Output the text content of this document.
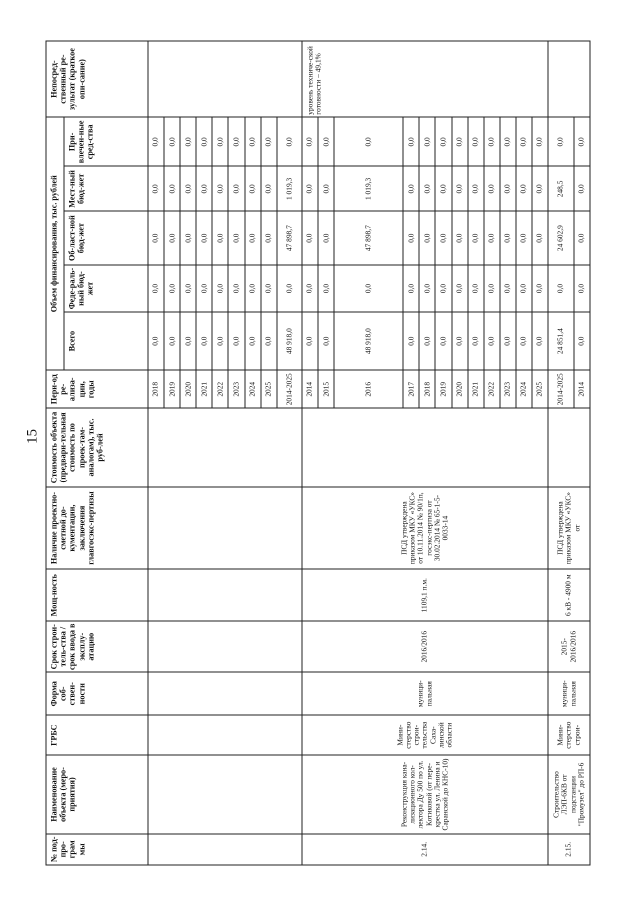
15
№ под-про-грам мы	Наименование объекта (меро-приятия)	ГРБС	Форма соб-ствен-ности	Срок строи-тель-ства / срок ввода в эксплу-атацию	Мощ-ность	Наличие проектно-сметной до-кументации, заключения главгосэкс-пертизы	Стоимость объекта (предвари-тельная стоимость по проек-там-аналогам), тыс. руб-лей	Пери-од ре-ализа-ции, годы	Объем финансирования, тыс. рублей					Непосред-ственный ре-зультат (краткое опи-сание)
									Всего	Феде-раль-ный бюд-жет	Об-ласт-ной бюд-жет	Мест-ный бюд-жет	При-влечен-ные сред-ства	
								2018	0,0	0,0	0,0	0,0	0,0	
								2019	0,0	0,0	0,0	0,0	0,0	
								2020	0,0	0,0	0,0	0,0	0,0	
								2021	0,0	0,0	0,0	0,0	0,0	
								2022	0,0	0,0	0,0	0,0	0,0	
								2023	0,0	0,0	0,0	0,0	0,0	
								2024	0,0	0,0	0,0	0,0	0,0	
								2025	0,0	0,0	0,0	0,0	0,0	
								2014-2025	48 918,0	0,0	47 898,7	1 019,3	0,0	
2.14.	Реконструкция кана-лизационного кол-лектора Ду 500 по ул. Котиковой (от пере-крестка ул. Ленина и Саранской до КНС-10)	Мини-стерство строи-тельства Саха-линской области	муници-пальная	2016/2016	1109,1 п.м.	ПСД утверждена приказом МКУ «УКС» от 10.11.2014 № 90/1п, госэкс-пертиза от 30.02.2014 № 65-1-5-0033-14		2014	0,0	0,0	0,0	0,0	0,0	уровень техниче-ской готовности – 49,1%
								2015	0,0	0,0	0,0	0,0	0,0	
								2016	48 918,0	0,0	47 898,7	1 019,3	0,0	
								2017	0,0	0,0	0,0	0,0	0,0	
								2018	0,0	0,0	0,0	0,0	0,0	
								2019	0,0	0,0	0,0	0,0	0,0	
								2020	0,0	0,0	0,0	0,0	0,0	
								2021	0,0	0,0	0,0	0,0	0,0	
								2022	0,0	0,0	0,0	0,0	0,0	
								2023	0,0	0,0	0,0	0,0	0,0	
								2024	0,0	0,0	0,0	0,0	0,0	
								2025	0,0	0,0	0,0	0,0	0,0	
2.15.	Строительство ЛЭП-6КВ от подстанции "Промузел" до РП-6	Мини-стерство строи-	муници-пальная	2015-2016/2016	6 кВ - 4900 м	ПСД утверждена приказом МКУ «УКС» от		2014-2025	24 851,4	0,0	24 602,9	248,5	0,0	
								2014	0,0	0,0	0,0	0,0	0,0	
